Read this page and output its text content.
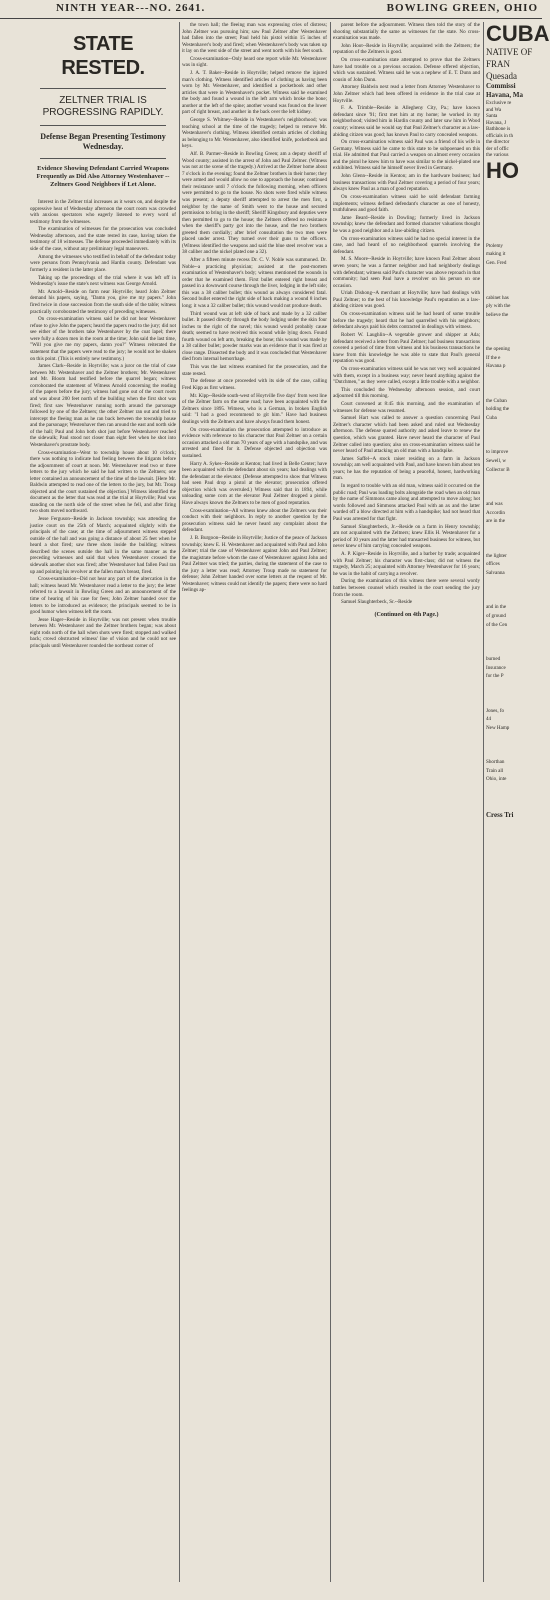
NINTH YEAR---NO. 2641.	BOWLING GREEN, OHIO
STATE RESTED.
ZELTNER TRIAL IS PROGRESSING RAPIDLY.
Defense Began Presenting Testimony Wednesday.
Evidence Showing Defendant Carried Weapons Frequently as Did Also Attorney Westenhaver -- Zeltners Good Neighbors if Let Alone.

Interest in the Zeltner trial increases as it wears on, and despite the oppressive heat of Wednesday afternoon the court room was crowded with anxious spectators who eagerly listened to every word of testimony from the witnesses.

The examination of witnesses for the prosecution was concluded Wednesday afternoon, and the state rested its case, having taken the testimony of 18 witnesses. The defense proceeded immediately with its side of the case, without any preliminary legal maneuvers.

Among the witnesses who testified in behalf of the defendant today were persons from Pennsylvania and Hardin county. Defendant was formerly a resident in the latter place.

Taking up the proceedings of the trial where it was left off in Wednesday's issue the state's next witness was George Arnold.

Mr. Arnold--Reside on farm near Hoytville; heard John Zeltner demand his papers, saying, "Damn you, give me my papers." John fired twice in close succession from the south side of the table; witness practically corroborated the testimony of preceding witnesses.

On cross-examination witness said he did not hear Westenhaver refuse to give John the papers; heard the papers read to the jury; did not see either of the brothers take Westenhaver by the coat lapel; there were fully a dozen men in the room at the time; John said the last time, "Will you give me my papers, damn you?" Witness reiterated the statement that the papers were read to the jury; he would not be shaken on this point. (This is entirely new testimony.)

James Clark--Reside in Hoytville; was a juror on the trial of case between Mr. Westenhaver and the Zeltner brothers; Mr. Westenhaver and Mr. Bloom had testified before the quarrel began; witness corroborated the statement of Witness Arnold concerning the reading of the papers before the jury; witness had gone out of the court room and was about 200 feet north of the building when the first shot was fired; first saw Westenhaver running north around the parsonage followed by one of the Zeltners; the other Zeltner ran out and tried to intercept the fleeing man as he ran back between the township house and the parsonage; Westenhaver then ran around the east and north side of the hall; Paul and John both shot just before Westenhaver reached the sidewalk; Paul stood not closer than eight feet when he shot into Westenhaver's prostrate body.

Cross-examination--Went to township house about 10 o'clock; there was nothing to indicate bad feeling between the litigants before the adjournment of court at noon. Mr. Westenhaver read two or three letters to the jury which he said he had written to the Zeltners; one letter contained an announcement of the time of the lawsuit. [Here Mr. Baldwin attempted to read one of the letters to the jury, but Mr. Troup objected and the court sustained the objection.] Witness identified the document as the letter that was read at the trial at Hoytville; Paul was standing on the north side of the street when he fell, and after firing two shots moved northward.

Jesse Ferguson--Reside in Jackson township; was attending the justice court on the 25th of March; acquainted slightly with the principals of the case; at the time of adjournment witness stepped outside of the hall and was going a distance of about 25 feet when he heard a shot fired; saw three shots inside the building; witness described the scenes outside the hall in the same manner as the preceding witnesses and said that when Westenhaver crossed the sidewalk another shot was fired; after Westenhaver had fallen Paul ran up and pointing his revolver at the fallen man's breast, fired.

Cross-examination--Did not hear any part of the altercation in the hall; witness heard Mr. Westenhaver read a letter to the jury; the letter referred to a lawsuit in Bowling Green and an announcement of the time of hearing of his case for fees; John Zeltner handed over the letters to be introduced as evidence; the principals seemed to be in good humor when witness left the room.

Jesse Hager--Reside in Hoytville; was not present when trouble between Mr. Westenhaver and the Zeltner brothers began; was about eight rods north of the hall when shots were fired; stopped and walked back; crowd obstructed witness' line of vision and he could not see principals until Westenhaver rounded the northeast corner of

the town hall; the fleeing man was expressing cries of distress; John Zeltner was pursuing him; saw Paul Zeltner after Westenhaver had fallen into the street; Paul held his pistol within 15 inches of Westenhaver's body and fired; when Westenhaver's body was taken up it lay on the west side of the street and went north with his feet south.

Cross-examination--Only heard one report while Mr. Westenhaver was in sight.

J. A. T. Baker--Reside in Hoytville; helped remove the injured man's clothing. Witness identified articles of clothing as having been worn by Mr. Westenhaver, and identified a pocketbook and other articles that were in Westenhaver's pocket. Witness said he examined the body and found a wound in the left arm which broke the bone; another at the left of the spine; another wound was found on the lower part of right breast, and another in the back over the left kidney.

George S. Whitney--Reside in Westenhaver's neighborhood; was teaching school at the time of the tragedy; helped to remove Mr. Westenhaver's clothing. Witness identified certain articles of clothing as belonging to Mr. Westenhaver, also identified knife, pocketbook and keys.

Alf. B. Parmer--Reside in Bowling Green; am a deputy sheriff of Wood county; assisted in the arrest of John and Paul Zeltner. (Witness was not at the scene of the tragedy.) Arrived at the Zeltner home about 7 o'clock in the evening; found the Zeltner brothers in their home; they were armed and would allow no one to approach the house; continued their resistance until 7 o'clock the following morning, when officers were permitted to go to the house. No shots were fired while witness was present; a deputy sheriff attempted to arrest the men first, a neighbor by the name of Smith went to the house and secured permission to bring in the sheriff; Sheriff Kingsbury and deputies were then permitted to go to the house; the Zeltners offered no resistance when the sheriff's party got into the house, and the two brothers greeted them cordially; after brief consultation the two men were placed under arrest. They turned over their guns to the officers. (Witness identified the weapons and said the blue steel revolver was a 38 caliber and the nickel plated one a 32).

After a fifteen minute recess Dr. C. V. Noble was summoned. Dr. Noble--a practicing physician; assisted at the post-mortem examination of Westenhaver's body; witness mentioned the wounds in order that he examined them. First bullet entered right breast and passed in a downward course through the liver, lodging in the left side; this was a 38 caliber bullet; this wound as always considered fatal. Second bullet entered the right side of back making a wound 8 inches long; it was a 32 caliber bullet; this wound would not produce death.

Third wound was at left side of back and made by a 32 caliber bullet. It passed directly through the body lodging under the skin four inches to the right of the navel; this wound would probably cause death; seemed to have received this wound while lying down. Found fourth wound on left arm, breaking the bone; this wound was made by a 38 caliber bullet; powder marks was an evidence that it was fired at close range. Dissected the body and it was concluded that Westenhaver died from internal hemorrhage.

This was the last witness examined for the prosecution, and the state rested.

The defense at once proceeded with its side of the case, calling Fred Kipp as first witness.

Mr. Kipp--Reside south-west of Hoytville five days' from west line of the Zeltner farm on the same road; have been acquainted with the Zeltners since 1895. Witness, who is a German, in broken English said: "I had a good recommend to git him." Have had business dealings with the Zeltners and have always found them honest.

On cross-examination the prosecution attempted to introduce as evidence with reference to his character that Paul Zeltner on a certain occasion attacked a old man 70 years of age with a handspike, and was arrested and fined for it. Defense objected and objection was sustained.

Harry A. Sykes--Reside at Kenton; had lived in Belle Center; have been acquainted with the defendant about six years; had dealings with the defendant at the elevator. (Defense attempted to show that Witness had seen Paul drop a pistol at the elevator; prosecution offered objection which was overruled.) Witness said that in 1894, while unloading some corn at the elevator Paul Zeltner dropped a pistol. Have always known the Zeltners to be men of good reputation.

Cross-examination--All witness knew about the Zeltners was their conduct with their neighbors. In reply to another question by the prosecution witness said he never heard any complaint about the defendant.

J. B. Burgoon--Reside in Hoytville; Justice of the peace of Jackson township; knew E. H. Westenhaver and acquainted with Paul and John Zeltner; trial the case of Westenhaver against John and Paul Zeltner; the magistrate before whom the case of Westenhaver against John and Paul Zeltner was tried; the parties, during the statement of the case to the jury a letter was read; Attorney Troup made no statement for defense; John Zeltner handed over some letters at the request of Mr. Westenhaver; witness could not identify the papers; there were no hard feelings ap-

parent before the adjournment. Witness then told the story of the shooting substantially the same as witnesses for the state. No cross-examination was made.

John Hoot--Reside in Hoytville; acquainted with the Zeltners; the reputation of the Zeltners is good.

On cross-examination state attempted to prove that the Zeltners have had trouble on a previous occasion. Defense offered objection, which was sustained. Witness said he was a nephew of E. T. Dunn and cousin of John Dunn.

Attorney Baldwin next read a letter from Attorney Westenhaver to John Zeltner which had been offered in evidence in the trial case at Hoytville.

F. A. Trimble--Reside in Allegheny City, Pa.; have known defendant since '91; first met him at my home; he worked in my neighborhood; visited him in Hardin county and later saw him in Wood county; witness said he would say that Paul Zeltner's character as a law-abiding citizen was good; has known Paul to carry concealed weapons.

On cross-examination witness said Paul was a friend of his wife in Germany. Witness said he came to this state to be subpoenaed on this trial. He admitted that Paul carried a weapon on almost every occasion and the pistol he knew him to have was similar to the nickel-plated one exhibited. Witness said he himself never lived in Germany.

John Glenn--Reside in Kenton; am in the hardware business; had business transactions with Paul Zeltner covering a period of four years; always knew Paul as a man of good reputation.

On cross-examination witness said he sold defendant farming implements; witness defined defendant's character as one of honesty, truthfulness and good faith.

Jame Beard--Reside in Dowling; formerly lived in Jackson township; knew the defendant and formed character valuations thought he was a good neighbor and a law-abiding citizen.

On cross-examination witness said he had no special interest in the case, and had heard of no neighborhood quarrels involving the defendant.

M. S. Moore--Reside in Hoytville; have known Paul Zeltner about seven years; he was a farmer neighbor and had neighborly dealings with defendant; witness said Paul's character was above reproach in that community; had seen Paul have a revolver on his person on one occasion.

Uriah Dishong--A merchant at Hoytville; have had dealings with Paul Zeltner; to the best of his knowledge Paul's reputation as a law-abiding citizen was good.

On cross-examination witness said he had heard of some trouble before the tragedy; heard that he had quarrelled with his neighbors; defendant always paid his debts contracted in dealings with witness.

Robert W. Laughlin--A vegetable grower and shipper at Ada; defendant received a letter from Paul Zeltner; had business transactions covered a period of time from witness and his business transactions he knew from this knowledge he was able to state that Paul's general reputation was good.

On cross-examination witness said he was not very well acquainted with them, except in a business way; never heard anything against the "Dutchmen," as they were called, except a little trouble with a neighbor.

This concluded the Wednesday afternoon session, and court adjourned till this morning.

Court convened at 8:45 this morning, and the examination of witnesses for defense was resumed.

Samuel Hart was called to answer a question concerning Paul Zeltner's character which had been asked and ruled out Wednesday afternoon. The defense quoted authority and asked leave to renew the question, which was granted. Have never heard the character of Paul Zeltner called into question; also on cross-examination witness said he never heard of Paul attacking an old man with a handspike.

James Saffel--A stock raiser residing on a farm in Jackson township; am well acquainted with Paul, and have known him about ten years; he has the reputation of being a peaceful, honest, hardworking man.

In regard to trouble with an old man, witness said it occurred on the public road; Paul was loading bolts alongside the road when an old man by the name of Simmons came along and attempted to move along; hot words followed and Simmons attacked Paul with an ax and the latter warded off a blow directed at him with a handspike; had not heard that Paul was arrested for that fight.

Samuel Slaughterbeck, Jr.--Reside on a farm in Henry township; am not acquainted with the Zeltners; knew Ellis H. Westenhaver for a period of 10 years and the latter had transacted business for witness, but never knew of him carrying concealed weapons.

A. P. Kiger--Reside in Hoytville, and a barber by trade; acquainted with Paul Zeltner; his character was first-class; did not witness the tragedy, March 25; acquainted with Attorney Westenhaver for 16 years; he was in the habit of carrying a revolver.

During the examination of this witness there were several wordy battles between counsel which resulted in the court sending the jury from the room.

Samuel Slaughterbeck, Sr.--Reside

(Continued on 4th Page.)
CUBA
NATIVE OF
FRAN
Quesada
Commissi
Havana, Ma
Exclusive re
and Wa
Santa
Havana, J
Bathbone is
officials in th
the director
der of offic
the various
HO
Ptolemy
making it
Gen. Fred
cabinet has
ply with the
believe the
the opening
If the e
Havana p
the Cuban
holding the
Cuba
to improve
Sewell, w
Collector B
and was
Accordin
are in the
the lighter
offices
Salvanna
and in the
of ground
of the Cen
burned
Insurance
for the P
Jones, fo
44
New Hamp
Shorthan
Train all
Ohio, inte
Cress Tri
